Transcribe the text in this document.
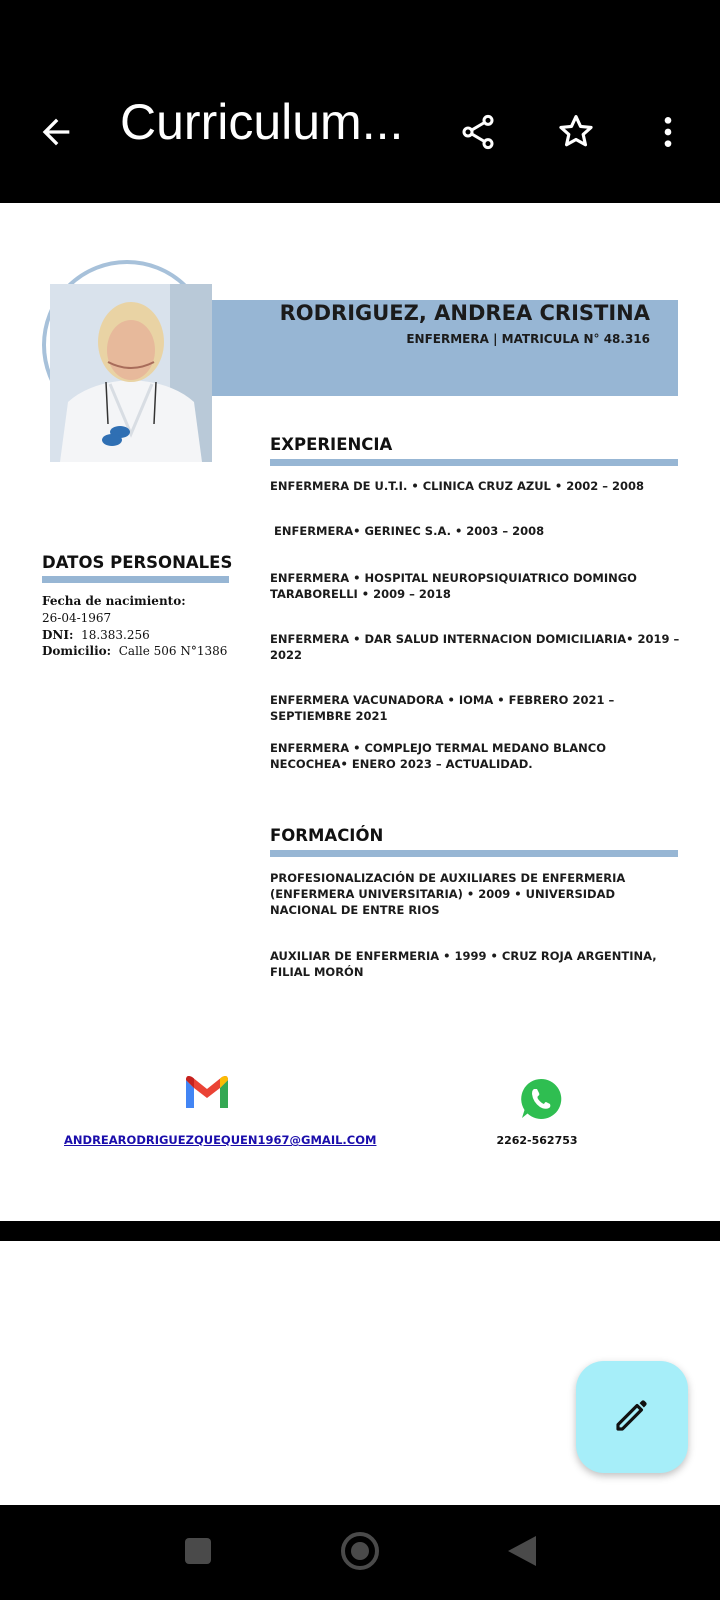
Curriculum...
RODRIGUEZ, ANDREA CRISTINA
ENFERMERA | MATRICULA N° 48.316
EXPERIENCIA
ENFERMERA DE U.T.I. • CLINICA CRUZ AZUL • 2002 – 2008
ENFERMERA• GERINEC S.A. • 2003 – 2008
ENFERMERA • HOSPITAL NEUROPSIQUIATRICO DOMINGO TARABORELLI • 2009 – 2018
ENFERMERA • DAR SALUD INTERNACION DOMICILIARIA• 2019 – 2022
ENFERMERA VACUNADORA • IOMA • FEBRERO 2021 – SEPTIEMBRE 2021
ENFERMERA • COMPLEJO TERMAL MEDANO BLANCO NECOCHEA• ENERO 2023 – ACTUALIDAD.
FORMACIÓN
PROFESIONALIZACIÓN DE AUXILIARES DE ENFERMERIA (ENFERMERA UNIVERSITARIA) • 2009 • UNIVERSIDAD NACIONAL DE ENTRE RIOS
AUXILIAR DE ENFERMERIA • 1999 • CRUZ ROJA ARGENTINA, FILIAL MORÓN
DATOS PERSONALES
Fecha de nacimiento:
26-04-1967
DNI: 18.383.256
Domicilio: Calle 506 N°1386
ANDREARODRIGUEZQUEQUEN1967@GMAIL.COM	2262-562753
